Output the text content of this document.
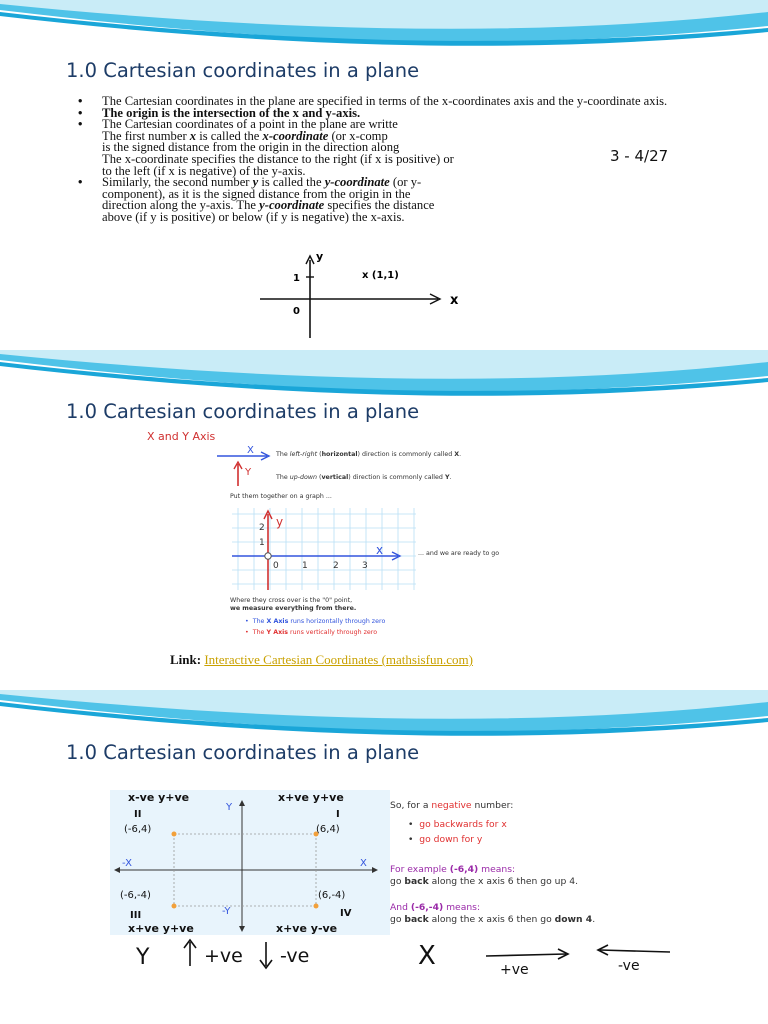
1.0 Cartesian coordinates in a plane
• The Cartesian coordinates in the plane are specified in terms of the x-coordinates axis and the y-coordinate axis.
• The origin is the intersection of the x and y-axis.
• The Cartesian coordinates of a point in the plane are writte
The first number x is called the x-coordinate (or x-comp
is the signed distance from the origin in the direction along
The x-coordinate specifies the distance to the right (if x is positive) or
to the left (if x is negative) of the y-axis.
• Similarly, the second number y is called the y-coordinate (or y-
component), as it is the signed distance from the origin in the
direction along the y-axis. The y-coordinate specifies the distance
above (if y is positive) or below (if y is negative) the x-axis.
3 - 4/27
y
1
0
x (1,1)
x
1.0 Cartesian coordinates in a plane
X and Y Axis
X	The left-right (horizontal) direction is commonly called X.
Y	The up-down (vertical) direction is commonly called Y.
Put them together on a graph ...
y
x
2
1
0	1	2	3
... and we are ready to go
Where they cross over is the "0" point,
we measure everything from there.
•  The X Axis runs horizontally through zero
•  The Y Axis runs vertically through zero
Link: Interactive Cartesian Coordinates (mathsisfun.com)
1.0 Cartesian coordinates in a plane
x-ve y+ve
II
(-6,4)
x+ve y+ve
I
(6,4)
(-6,-4)
III
x+ve y+ve
(6,-4)
IV
x+ve y-ve
-X	X
Y
-Y
So, for a negative number:
•  go backwards for x
•  go down for y
For example (-6,4) means:
go back along the x axis 6 then go up 4.
And (-6,-4) means:
go back along the x axis 6 then go down 4.
Y	+ve -ve	X	+ve	-ve
